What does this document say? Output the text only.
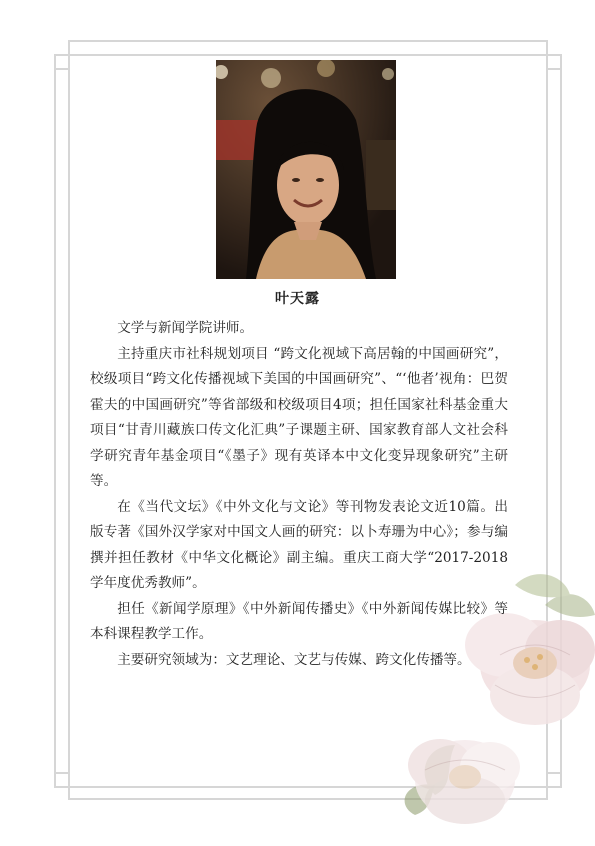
叶天露

文学与新闻学院讲师。

主持重庆市社科规划项目 “跨文化视域下高居翰的中国画研究”，校级项目“跨文化传播视域下美国的中国画研究”、“‘他者’视角：巴贺霍夫的中国画研究”等省部级和校级项目4项；担任国家社科基金重大项目“甘青川藏族口传文化汇典”子课题主研、国家教育部人文社会科学研究青年基金项目“《墨子》现有英译本中文化变异现象研究”主研等。

在《当代文坛》《中外文化与文论》等刊物发表论文近10篇。出版专著《国外汉学家对中国文人画的研究：以卜寿珊为中心》；参与编撰并担任教材《中华文化概论》副主编。重庆工商大学“2017-2018学年度优秀教师”。

担任《新闻学原理》《中外新闻传播史》《中外新闻传媒比较》等本科课程教学工作。

主要研究领域为：文艺理论、文艺与传媒、跨文化传播等。
